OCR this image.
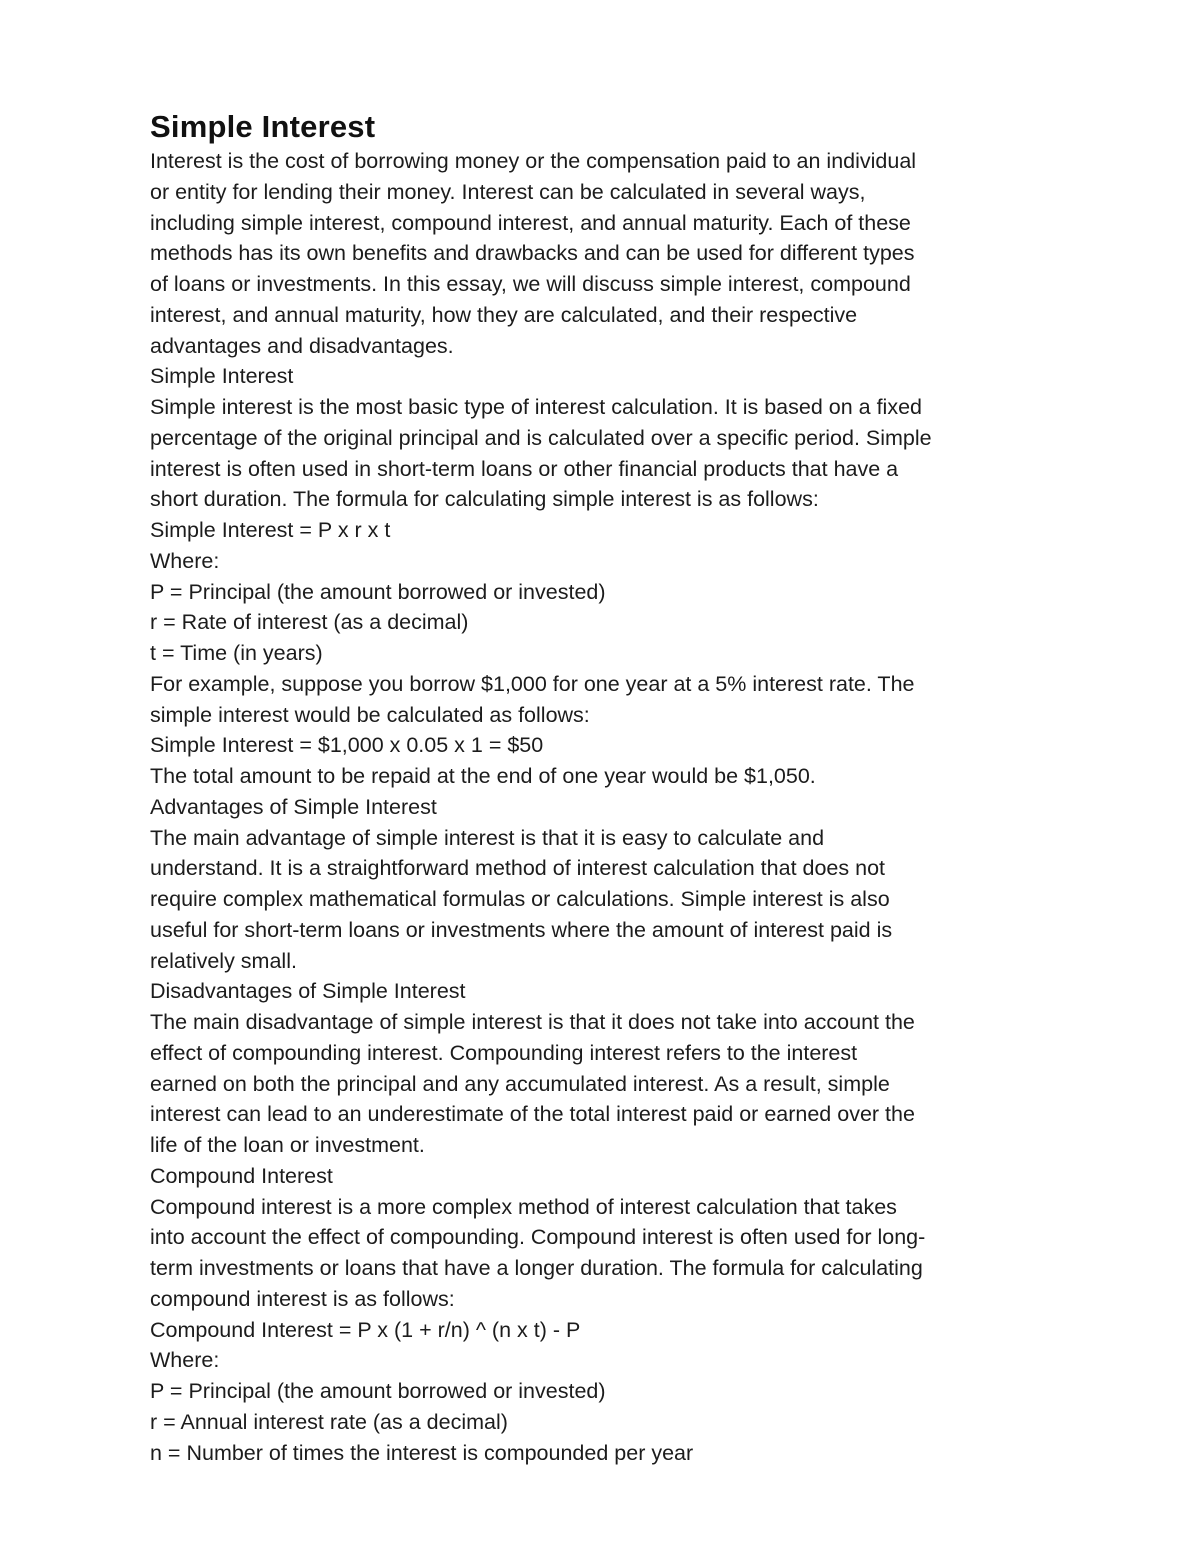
Simple Interest
Interest is the cost of borrowing money or the compensation paid to an individual
or entity for lending their money. Interest can be calculated in several ways,
including simple interest, compound interest, and annual maturity. Each of these
methods has its own benefits and drawbacks and can be used for different types
of loans or investments. In this essay, we will discuss simple interest, compound
interest, and annual maturity, how they are calculated, and their respective
advantages and disadvantages.
Simple Interest
Simple interest is the most basic type of interest calculation. It is based on a fixed
percentage of the original principal and is calculated over a specific period. Simple
interest is often used in short-term loans or other financial products that have a
short duration. The formula for calculating simple interest is as follows:
Simple Interest = P x r x t
Where:
P = Principal (the amount borrowed or invested)
r = Rate of interest (as a decimal)
t = Time (in years)
For example, suppose you borrow $1,000 for one year at a 5% interest rate. The
simple interest would be calculated as follows:
Simple Interest = $1,000 x 0.05 x 1 = $50
The total amount to be repaid at the end of one year would be $1,050.
Advantages of Simple Interest
The main advantage of simple interest is that it is easy to calculate and
understand. It is a straightforward method of interest calculation that does not
require complex mathematical formulas or calculations. Simple interest is also
useful for short-term loans or investments where the amount of interest paid is
relatively small.
Disadvantages of Simple Interest
The main disadvantage of simple interest is that it does not take into account the
effect of compounding interest. Compounding interest refers to the interest
earned on both the principal and any accumulated interest. As a result, simple
interest can lead to an underestimate of the total interest paid or earned over the
life of the loan or investment.
Compound Interest
Compound interest is a more complex method of interest calculation that takes
into account the effect of compounding. Compound interest is often used for long-
term investments or loans that have a longer duration. The formula for calculating
compound interest is as follows:
Compound Interest = P x (1 + r/n) ^ (n x t) - P
Where:
P = Principal (the amount borrowed or invested)
r = Annual interest rate (as a decimal)
n = Number of times the interest is compounded per year
